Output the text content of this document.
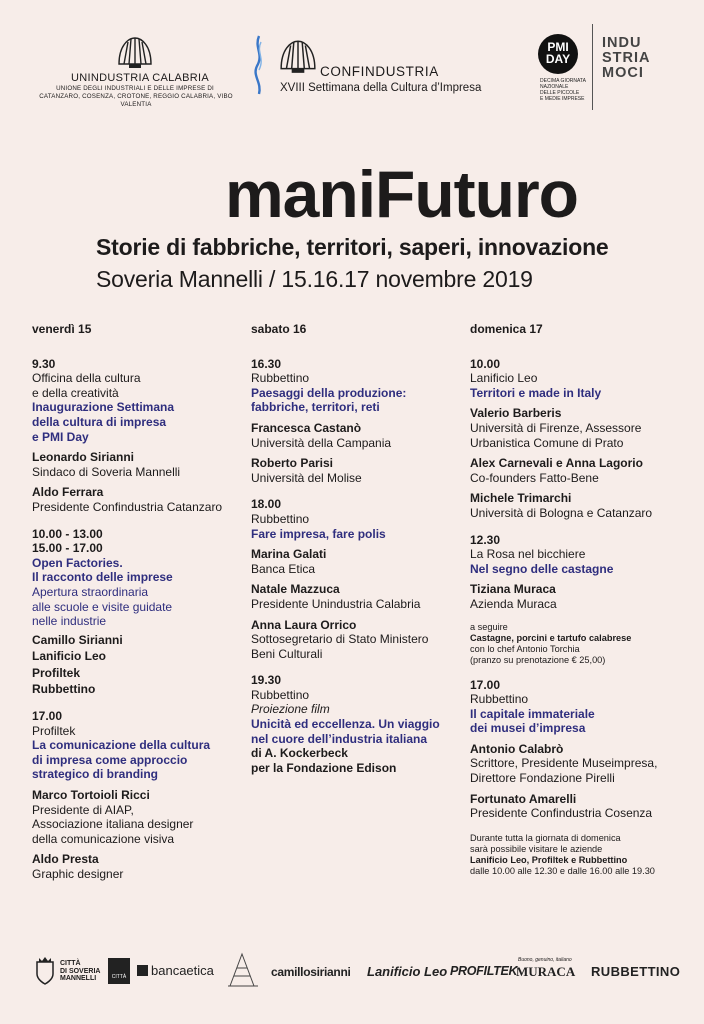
UNINDUSTRIA CALABRIA
UNIONE DEGLI INDUSTRIALI E DELLE IMPRESE DI
CATANZARO, COSENZA, CROTONE, REGGIO CALABRIA, VIBO VALENTIA
CONFINDUSTRIA
XVIII Settimana della Cultura d’Impresa
PMI
DAY
DECIMA GIORNATA
NAZIONALE
DELLE PICCOLE
E MEDIE IMPRESE
INDU
STRIA
MOCI
maniFuturo
Storie di fabbriche, territori, saperi, innovazione
Soveria Mannelli / 15.16.17 novembre 2019
venerdì 15
9.30
Officina della cultura
e della creatività
Inaugurazione Settimana
della cultura di impresa
e PMI Day
Leonardo Sirianni
Sindaco di Soveria Mannelli
Aldo Ferrara
Presidente Confindustria Catanzaro
10.00 - 13.00
15.00 - 17.00
Open Factories.
Il racconto delle imprese
Apertura straordinaria
alle scuole e visite guidate
nelle industrie
Camillo Sirianni
Lanificio Leo
Profiltek
Rubbettino
17.00
Profiltek
La comunicazione della cultura
di impresa come approccio
strategico di branding
Marco Tortoioli Ricci
Presidente di AIAP,
Associazione italiana designer
della comunicazione visiva
Aldo Presta
Graphic designer
sabato 16
16.30
Rubbettino
Paesaggi della produzione:
fabbriche, territori, reti
Francesca Castanò
Università della Campania
Roberto Parisi
Università del Molise
18.00
Rubbettino
Fare impresa, fare polis
Marina Galati
Banca Etica
Natale Mazzuca
Presidente Unindustria Calabria
Anna Laura Orrico
Sottosegretario di Stato Ministero
Beni Culturali
19.30
Rubbettino
Proiezione film
Unicità ed eccellenza. Un viaggio
nel cuore dell’industria italiana
di A. Kockerbeck
per la Fondazione Edison
domenica 17
10.00
Lanificio Leo
Territori e made in Italy
Valerio Barberis
Università di Firenze, Assessore
Urbanistica Comune di Prato
Alex Carnevali e Anna Lagorio
Co-founders Fatto-Bene
Michele Trimarchi
Università di Bologna e Catanzaro
12.30
La Rosa nel bicchiere
Nel segno delle castagne
Tiziana Muraca
Azienda Muraca
a seguire
Castagne, porcini e tartufo calabrese
con lo chef Antonio Torchia
(pranzo su prenotazione € 25,00)
17.00
Rubbettino
Il capitale immateriale
dei musei d’impresa
Antonio Calabrò
Scrittore, Presidente Museimpresa,
Direttore Fondazione Pirelli
Fortunato Amarelli
Presidente Confindustria Cosenza
Durante tutta la giornata di domenica
sarà possibile visitare le aziende
Lanificio Leo, Profiltek e Rubbettino
dalle 10.00 alle 12.30 e dalle 16.00 alle 19.30
CITTÀ
DI SOVERIA
MANNELLI	CITTÀ bancaetica	camillosirianni Lanificio Leo PROFILTEK
Buono, genuino, italiano
MURACA RUBBETTINO
